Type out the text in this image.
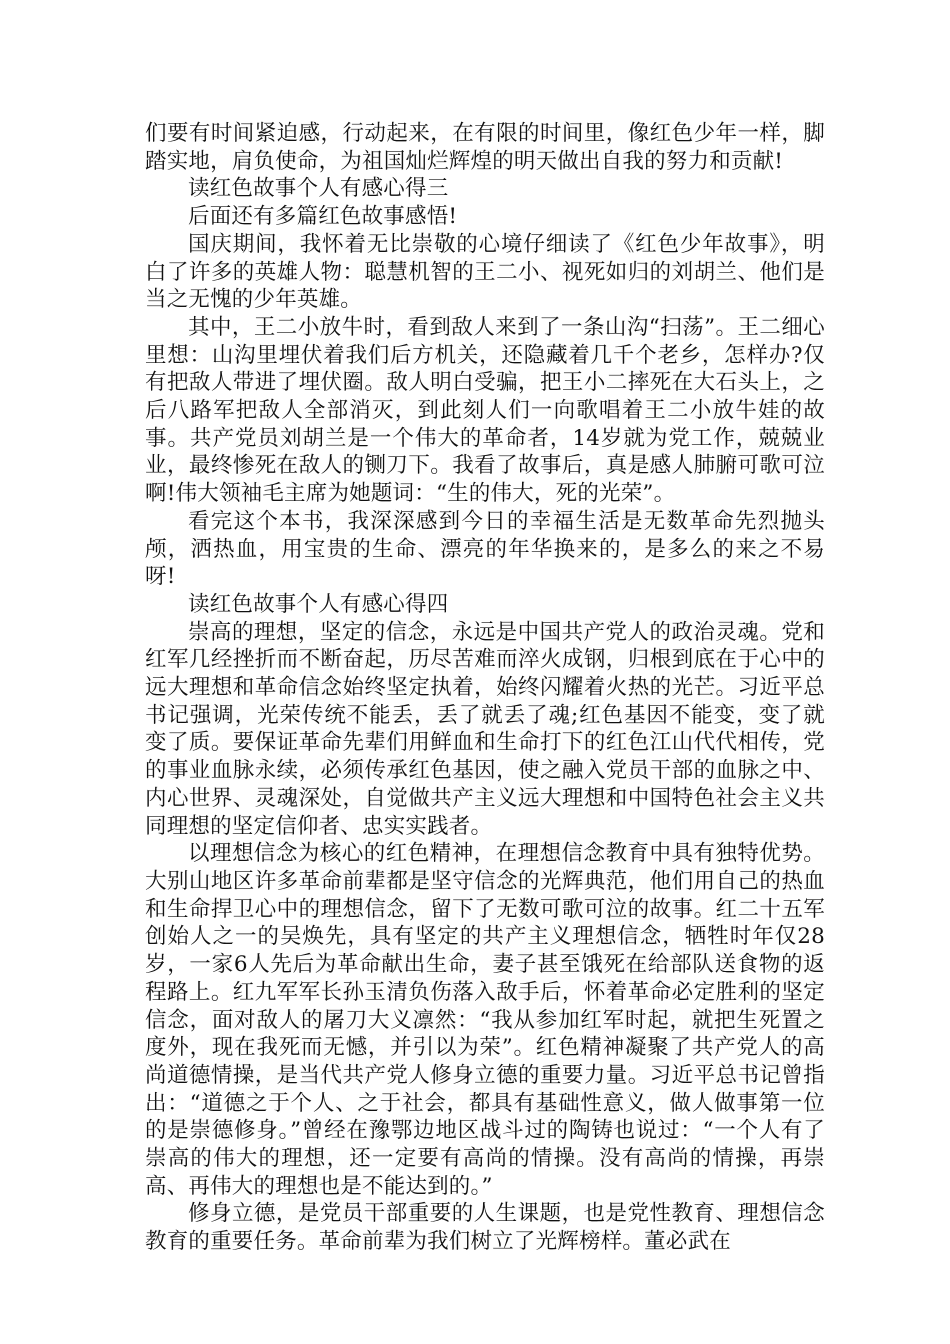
们要有时间紧迫感，行动起来，在有限的时间里，像红色少年一样，脚踏实地，肩负使命，为祖国灿烂辉煌的明天做出自我的努力和贡献!

读红色故事个人有感心得三

后面还有多篇红色故事感悟!

国庆期间，我怀着无比崇敬的心境仔细读了《红色少年故事》，明白了许多的英雄人物：聪慧机智的王二小、视死如归的刘胡兰、他们是当之无愧的少年英雄。

其中，王二小放牛时，看到敌人来到了一条山沟“扫荡”。王二细心里想：山沟里埋伏着我们后方机关，还隐藏着几千个老乡，怎样办?仅有把敌人带进了埋伏圈。敌人明白受骗，把王小二摔死在大石头上，之后八路军把敌人全部消灭，到此刻人们一向歌唱着王二小放牛娃的故事。共产党员刘胡兰是一个伟大的革命者，14岁就为党工作，兢兢业业，最终惨死在敌人的铡刀下。我看了故事后，真是感人肺腑可歌可泣啊!伟大领袖毛主席为她题词：“生的伟大，死的光荣”。

看完这个本书，我深深感到今日的幸福生活是无数革命先烈抛头颅，洒热血，用宝贵的生命、漂亮的年华换来的，是多么的来之不易呀!

读红色故事个人有感心得四

崇高的理想，坚定的信念，永远是中国共产党人的政治灵魂。党和红军几经挫折而不断奋起，历尽苦难而淬火成钢，归根到底在于心中的远大理想和革命信念始终坚定执着，始终闪耀着火热的光芒。习近平总书记强调，光荣传统不能丢，丢了就丢了魂;红色基因不能变，变了就变了质。要保证革命先辈们用鲜血和生命打下的红色江山代代相传，党的事业血脉永续，必须传承红色基因，使之融入党员干部的血脉之中、内心世界、灵魂深处，自觉做共产主义远大理想和中国特色社会主义共同理想的坚定信仰者、忠实实践者。

以理想信念为核心的红色精神，在理想信念教育中具有独特优势。大别山地区许多革命前辈都是坚守信念的光辉典范，他们用自己的热血和生命捍卫心中的理想信念，留下了无数可歌可泣的故事。红二十五军创始人之一的吴焕先，具有坚定的共产主义理想信念，牺牲时年仅28岁，一家6人先后为革命献出生命，妻子甚至饿死在给部队送食物的返程路上。红九军军长孙玉清负伤落入敌手后，怀着革命必定胜利的坚定信念，面对敌人的屠刀大义凛然：“我从参加红军时起，就把生死置之度外，现在我死而无憾，并引以为荣”。红色精神凝聚了共产党人的高尚道德情操，是当代共产党人修身立德的重要力量。习近平总书记曾指出：“道德之于个人、之于社会，都具有基础性意义，做人做事第一位的是崇德修身。”曾经在豫鄂边地区战斗过的陶铸也说过：“一个人有了崇高的伟大的理想，还一定要有高尚的情操。没有高尚的情操，再崇高、再伟大的理想也是不能达到的。”

修身立德，是党员干部重要的人生课题，也是党性教育、理想信念教育的重要任务。革命前辈为我们树立了光辉榜样。董必武在
